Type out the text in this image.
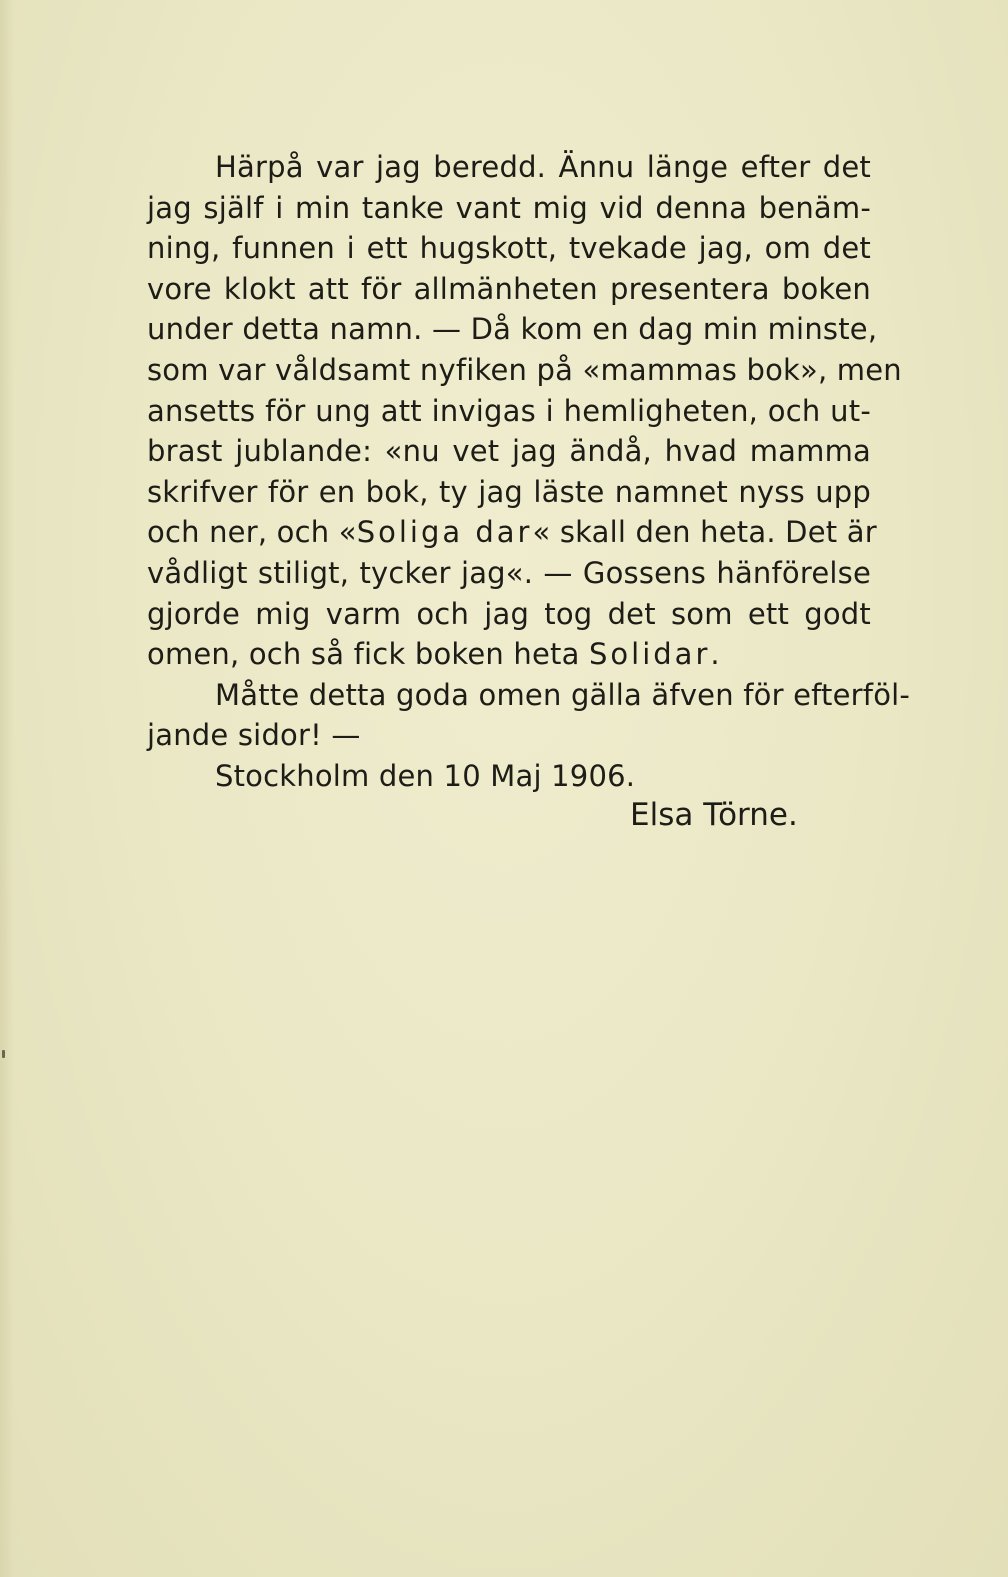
Härpå var jag beredd. Ännu länge efter det
jag själf i min tanke vant mig vid denna benäm-
ning, funnen i ett hugskott, tvekade jag, om det
vore klokt att för allmänheten presentera boken
under detta namn. — Då kom en dag min minste,
som var våldsamt nyfiken på «mammas bok», men
ansetts för ung att invigas i hemligheten, och ut-
brast jublande: «nu vet jag ändå, hvad mamma
skrifver för en bok, ty jag läste namnet nyss upp
och ner, och «Soliga dar« skall den heta. Det är
vådligt stiligt, tycker jag«. — Gossens hänförelse
gjorde mig varm och jag tog det som ett godt
omen, och så fick boken heta Solidar.
Måtte detta goda omen gälla äfven för efterföl-
jande sidor! —
Stockholm den 10 Maj 1906.
Elsa Törne.
